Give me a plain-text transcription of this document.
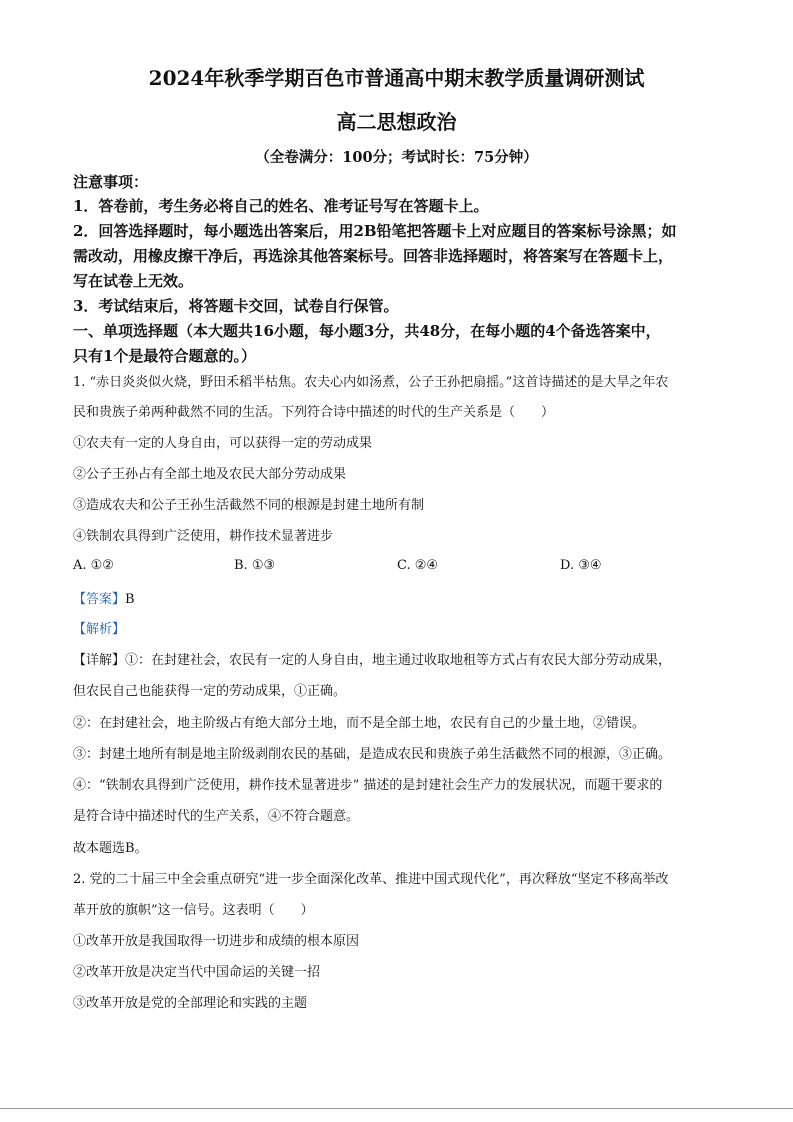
2024年秋季学期百色市普通高中期末教学质量调研测试
高二思想政治
（全卷满分：100分；考试时长：75分钟）
注意事项：
1．答卷前，考生务必将自己的姓名、准考证号写在答题卡上。
2．回答选择题时，每小题选出答案后，用2B铅笔把答题卡上对应题目的答案标号涂黑；如
需改动，用橡皮擦干净后，再选涂其他答案标号。回答非选择题时，将答案写在答题卡上，
写在试卷上无效。
3．考试结束后，将答题卡交回，试卷自行保管。
一、单项选择题（本大题共16小题，每小题3分，共48分，在每小题的4个备选答案中，
只有1个是最符合题意的。）
1. “赤日炎炎似火烧，野田禾稻半枯焦。农夫心内如汤煮，公子王孙把扇摇。”这首诗描述的是大旱之年农
民和贵族子弟两种截然不同的生活。下列符合诗中描述的时代的生产关系是（　　）
①农夫有一定的人身自由，可以获得一定的劳动成果
②公子王孙占有全部土地及农民大部分劳动成果
③造成农夫和公子王孙生活截然不同的根源是封建土地所有制
④铁制农具得到广泛使用，耕作技术显著进步
A. ①②	B. ①③	C. ②④	D. ③④
【答案】B
【解析】
【详解】①：在封建社会，农民有一定的人身自由，地主通过收取地租等方式占有农民大部分劳动成果，
但农民自己也能获得一定的劳动成果，①正确。
②：在封建社会，地主阶级占有绝大部分土地，而不是全部土地，农民有自己的少量土地，②错误。
③：封建土地所有制是地主阶级剥削农民的基础，是造成农民和贵族子弟生活截然不同的根源，③正确。
④：“铁制农具得到广泛使用，耕作技术显著进步” 描述的是封建社会生产力的发展状况，而题干要求的
是符合诗中描述时代的生产关系，④不符合题意。
故本题选B。
2. 党的二十届三中全会重点研究“进一步全面深化改革、推进中国式现代化”，再次释放“坚定不移高举改
革开放的旗帜”这一信号。这表明（　　）
①改革开放是我国取得一切进步和成绩的根本原因
②改革开放是决定当代中国命运的关键一招
③改革开放是党的全部理论和实践的主题
